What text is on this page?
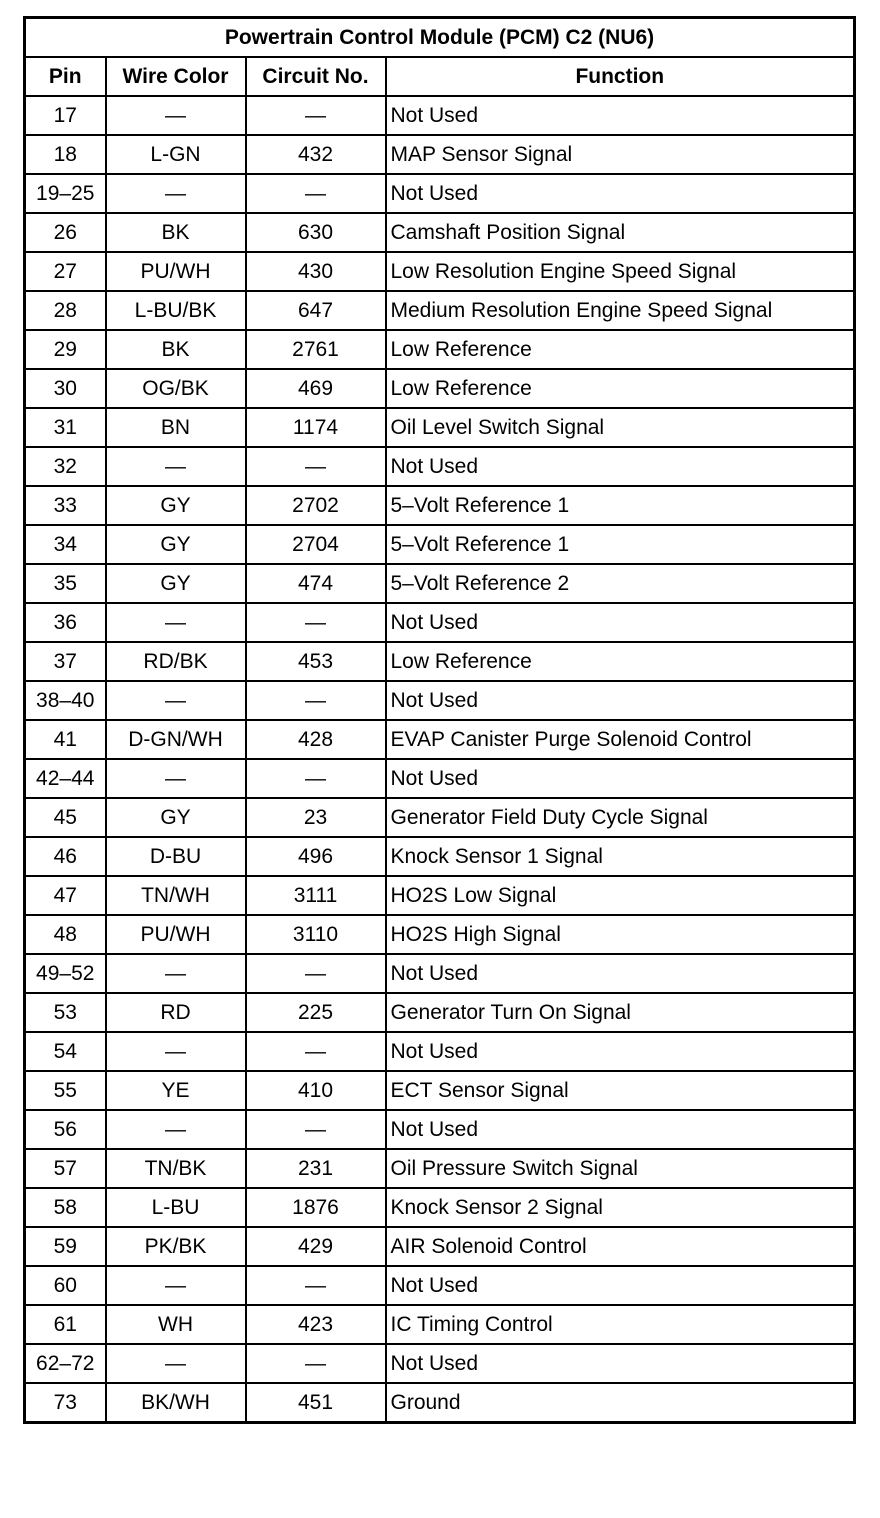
Powertrain Control Module (PCM) C2 (NU6)			
Pin	Wire Color	Circuit No.	Function
17	—	—	Not Used
18	L-GN	432	MAP Sensor Signal
19–25	—	—	Not Used
26	BK	630	Camshaft Position Signal
27	PU/WH	430	Low Resolution Engine Speed Signal
28	L-BU/BK	647	Medium Resolution Engine Speed Signal
29	BK	2761	Low Reference
30	OG/BK	469	Low Reference
31	BN	1174	Oil Level Switch Signal
32	—	—	Not Used
33	GY	2702	5–Volt Reference 1
34	GY	2704	5–Volt Reference 1
35	GY	474	5–Volt Reference 2
36	—	—	Not Used
37	RD/BK	453	Low Reference
38–40	—	—	Not Used
41	D-GN/WH	428	EVAP Canister Purge Solenoid Control
42–44	—	—	Not Used
45	GY	23	Generator Field Duty Cycle Signal
46	D-BU	496	Knock Sensor 1 Signal
47	TN/WH	3111	HO2S Low Signal
48	PU/WH	3110	HO2S High Signal
49–52	—	—	Not Used
53	RD	225	Generator Turn On Signal
54	—	—	Not Used
55	YE	410	ECT Sensor Signal
56	—	—	Not Used
57	TN/BK	231	Oil Pressure Switch Signal
58	L-BU	1876	Knock Sensor 2 Signal
59	PK/BK	429	AIR Solenoid Control
60	—	—	Not Used
61	WH	423	IC Timing Control
62–72	—	—	Not Used
73	BK/WH	451	Ground
